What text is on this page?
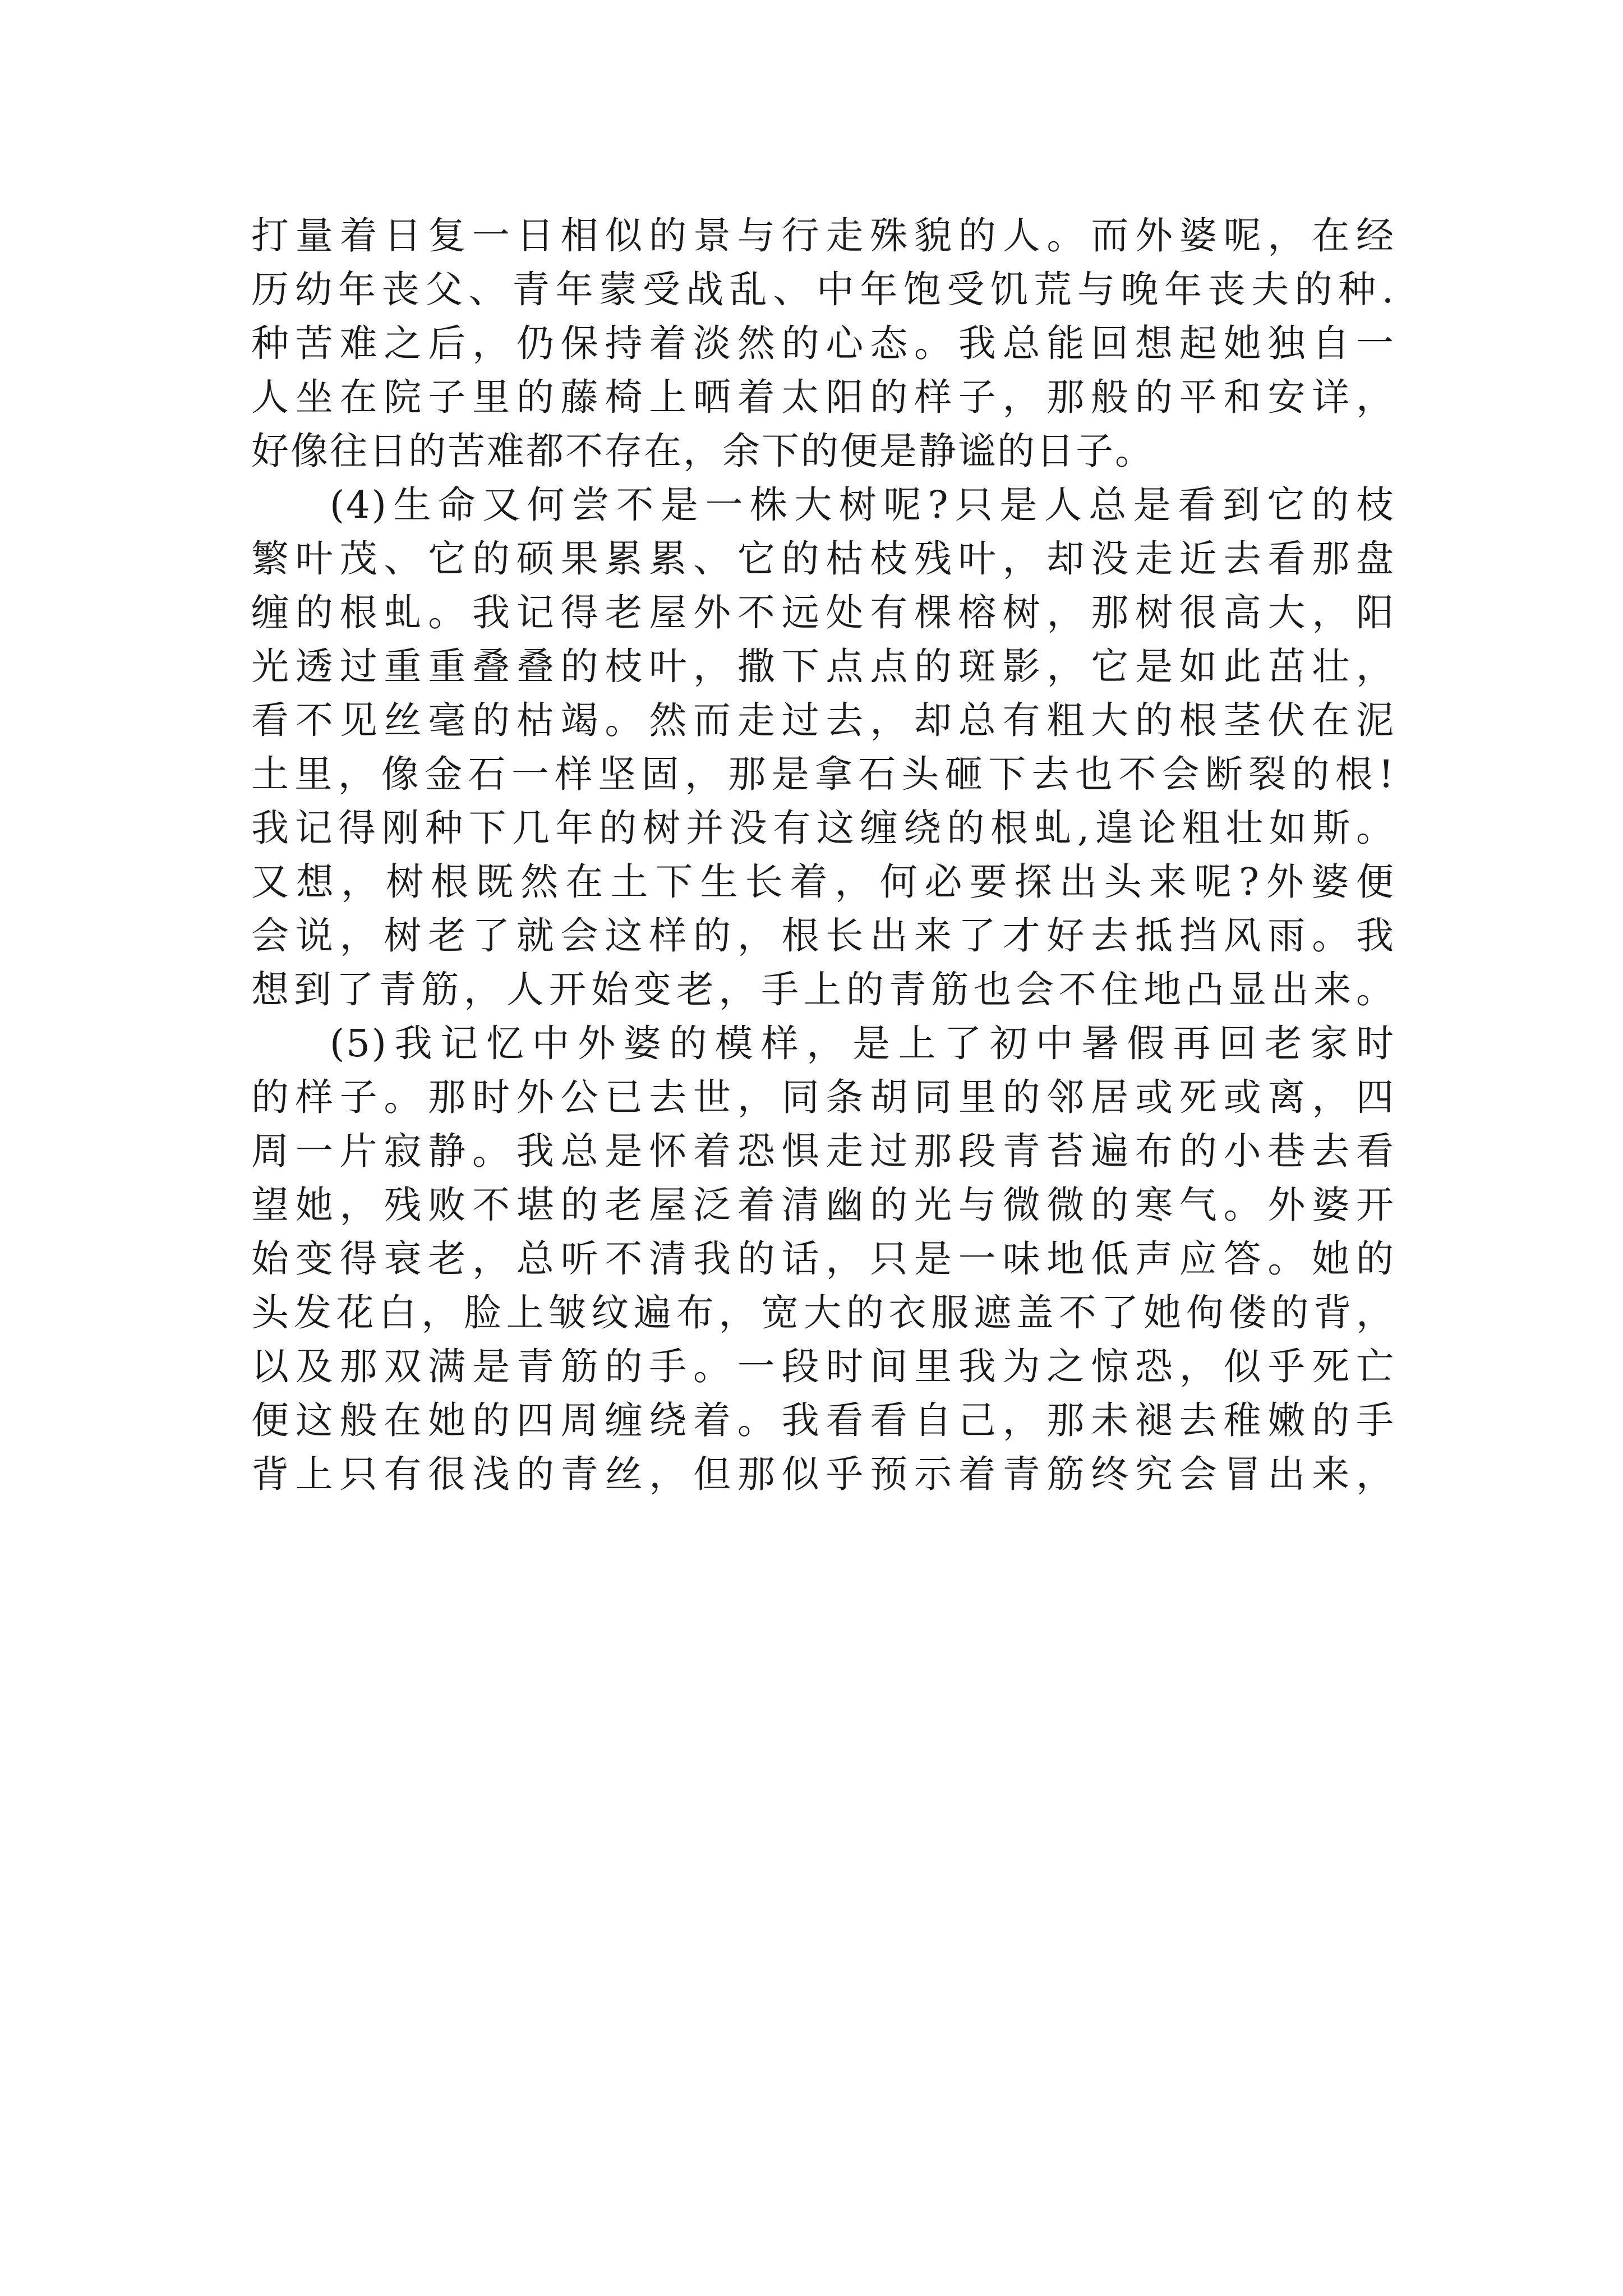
打量着日复一日相似的景与行走殊貌的人。而外婆呢，在经
历幼年丧父、青年蒙受战乱、中年饱受饥荒与晚年丧夫的种.
种苦难之后，仍保持着淡然的心态。我总能回想起她独自一
人坐在院子里的藤椅上晒着太阳的样子，那般的平和安详，
好像往日的苦难都不存在，余下的便是静谧的日子。
(4)生命又何尝不是一株大树呢?只是人总是看到它的枝
繁叶茂、它的硕果累累、它的枯枝残叶，却没走近去看那盘
缠的根虬。我记得老屋外不远处有棵榕树，那树很高大，阳
光透过重重叠叠的枝叶，撒下点点的斑影，它是如此茁壮，
看不见丝毫的枯竭。然而走过去，却总有粗大的根茎伏在泥
土里，像金石一样坚固，那是拿石头砸下去也不会断裂的根!
我记得刚种下几年的树并没有这缠绕的根虬,遑论粗壮如斯。
又想，树根既然在土下生长着，何必要探出头来呢?外婆便
会说，树老了就会这样的，根长出来了才好去抵挡风雨。我
想到了青筋，人开始变老，手上的青筋也会不住地凸显出来。
(5)我记忆中外婆的模样，是上了初中暑假再回老家时
的样子。那时外公已去世，同条胡同里的邻居或死或离，四
周一片寂静。我总是怀着恐惧走过那段青苔遍布的小巷去看
望她，残败不堪的老屋泛着清幽的光与微微的寒气。外婆开
始变得衰老，总听不清我的话，只是一味地低声应答。她的
头发花白，脸上皱纹遍布，宽大的衣服遮盖不了她佝偻的背，
以及那双满是青筋的手。一段时间里我为之惊恐，似乎死亡
便这般在她的四周缠绕着。我看看自己，那未褪去稚嫩的手
背上只有很浅的青丝，但那似乎预示着青筋终究会冒出来，
